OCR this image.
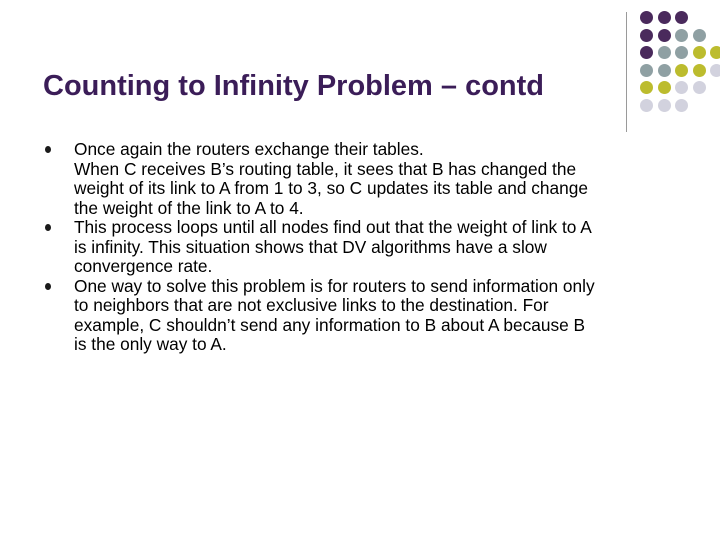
Counting to Infinity Problem – contd
Once again the routers exchange their tables.
When C receives B’s routing table, it sees that B has changed the
weight of its link to A from 1 to 3, so C updates its table and change
the weight of the link to A to 4.
This process loops until all nodes find out that the weight of link to A
is infinity. This situation shows that DV algorithms have a slow
convergence rate.
One way to solve this problem is for routers to send information only
to neighbors that are not exclusive links to the destination. For
example, C shouldn’t send any information to B about A because B
is the only way to A.
